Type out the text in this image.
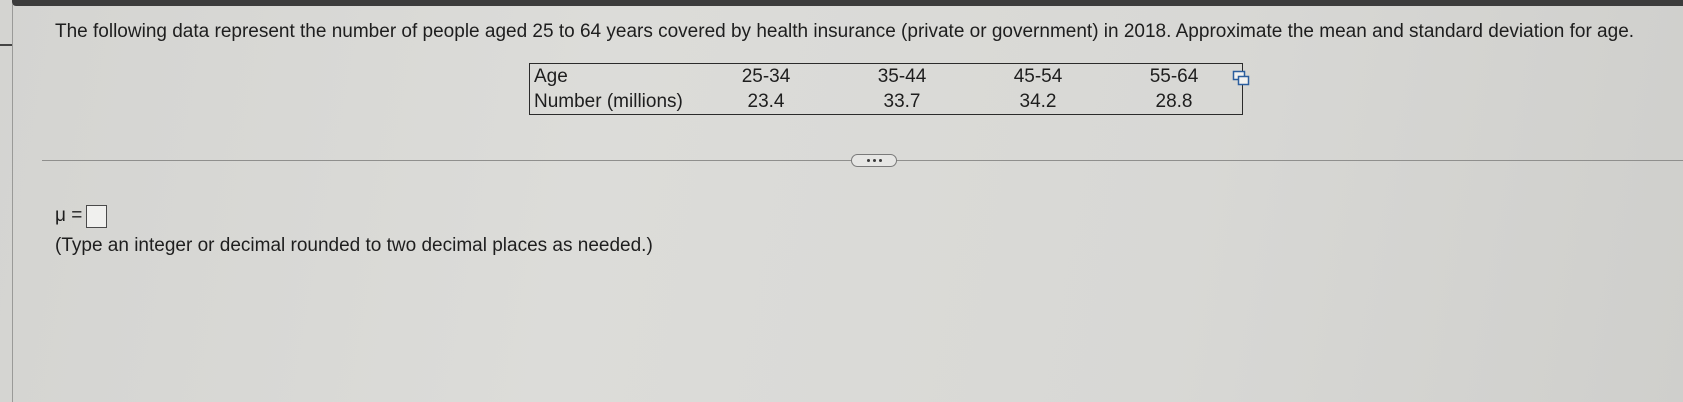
The following data represent the number of people aged 25 to 64 years covered by health insurance (private or government) in 2018. Approximate the mean and standard deviation for age.
Age	25-34	35-44	45-54	55-64
Number (millions)	23.4	33.7	34.2	28.8
μ =
(Type an integer or decimal rounded to two decimal places as needed.)
